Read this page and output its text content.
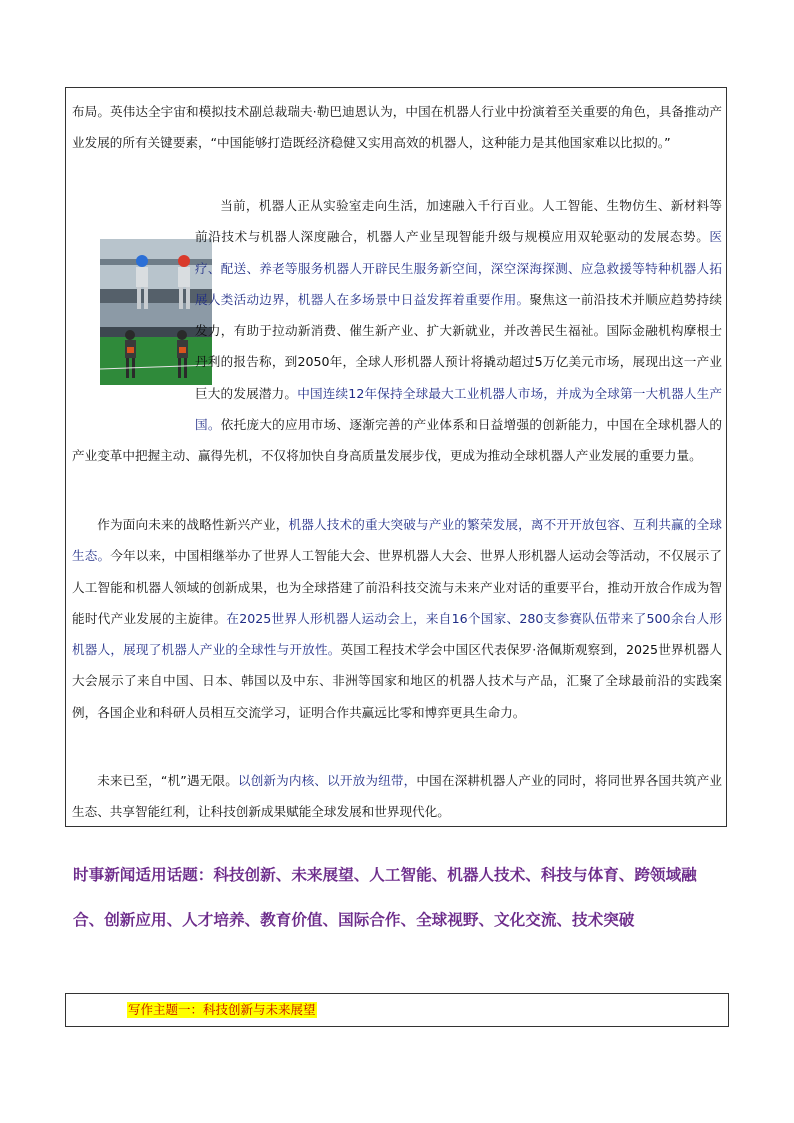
布局。英伟达全宇宙和模拟技术副总裁瑞夫·勒巴迪恩认为，中国在机器人行业中扮演着至关重要的角色，具备推动产业发展的所有关键要素，“中国能够打造既经济稳健又实用高效的机器人，这种能力是其他国家难以比拟的。”

当前，机器人正从实验室走向生活，加速融入千行百业。人工智能、生物仿生、新材料等前沿技术与机器人深度融合，机器人产业呈现智能升级与规模应用双轮驱动的发展态势。医疗、配送、养老等服务机器人开辟民生服务新空间，深空深海探测、应急救援等特种机器人拓展人类活动边界，机器人在多场景中日益发挥着重要作用。聚焦这一前沿技术并顺应趋势持续发力，有助于拉动新消费、催生新产业、扩大新就业，并改善民生福祉。国际金融机构摩根士丹利的报告称，到2050年，全球人形机器人预计将撬动超过5万亿美元市场，展现出这一产业巨大的发展潜力。中国连续12年保持全球最大工业机器人市场，并成为全球第一大机器人生产国。依托庞大的应用市场、逐渐完善的产业体系和日益增强的创新能力，中国在全球机器人的产业变革中把握主动、赢得先机，不仅将加快自身高质量发展步伐，更成为推动全球机器人产业发展的重要力量。

作为面向未来的战略性新兴产业，机器人技术的重大突破与产业的繁荣发展，离不开开放包容、互利共赢的全球生态。今年以来，中国相继举办了世界人工智能大会、世界机器人大会、世界人形机器人运动会等活动，不仅展示了人工智能和机器人领域的创新成果，也为全球搭建了前沿科技交流与未来产业对话的重要平台，推动开放合作成为智能时代产业发展的主旋律。在2025世界人形机器人运动会上，来自16个国家、280支参赛队伍带来了500余台人形机器人，展现了机器人产业的全球性与开放性。英国工程技术学会中国区代表保罗·洛佩斯观察到，2025世界机器人大会展示了来自中国、日本、韩国以及中东、非洲等国家和地区的机器人技术与产品，汇聚了全球最前沿的实践案例，各国企业和科研人员相互交流学习，证明合作共赢远比零和博弈更具生命力。

未来已至，“机”遇无限。以创新为内核、以开放为纽带，中国在深耕机器人产业的同时，将同世界各国共筑产业生态、共享智能红利，让科技创新成果赋能全球发展和世界现代化。

时事新闻适用话题：科技创新、未来展望、人工智能、机器人技术、科技与体育、跨领域融合、创新应用、人才培养、教育价值、国际合作、全球视野、文化交流、技术突破

写作主题一：科技创新与未来展望
